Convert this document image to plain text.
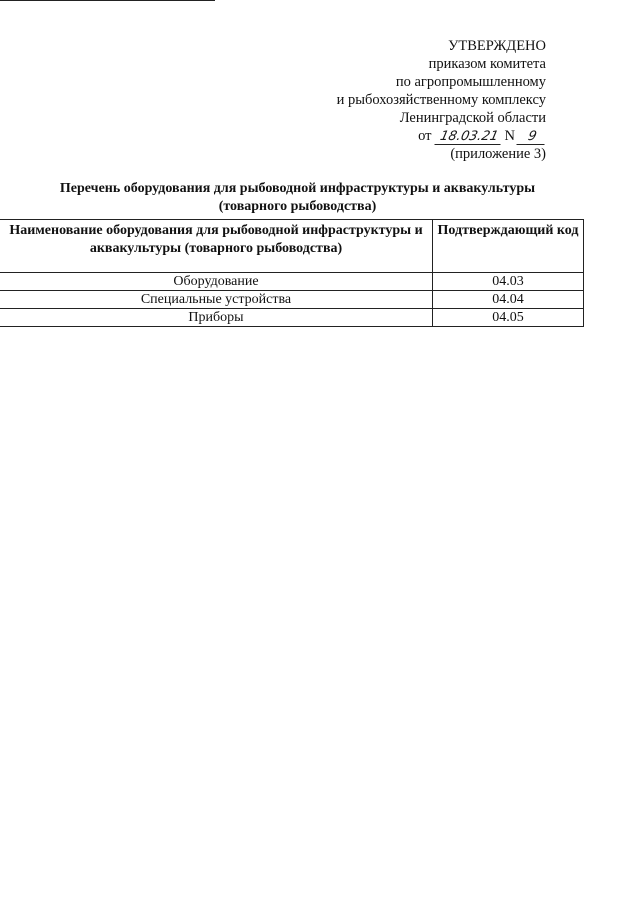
УТВЕРЖДЕНО
приказом комитета
по агропромышленному
и рыбохозяйственному комплексу
Ленинградской области
от 18.03.21 N 9
(приложение 3)
Перечень оборудования для рыбоводной инфраструктуры и аквакультуры
(товарного рыбоводства)
Наименование оборудования для рыбоводной инфраструктуры и аквакультуры (товарного рыбоводства)	Подтверждающий код
Оборудование	04.03
Специальные устройства	04.04
Приборы	04.05
